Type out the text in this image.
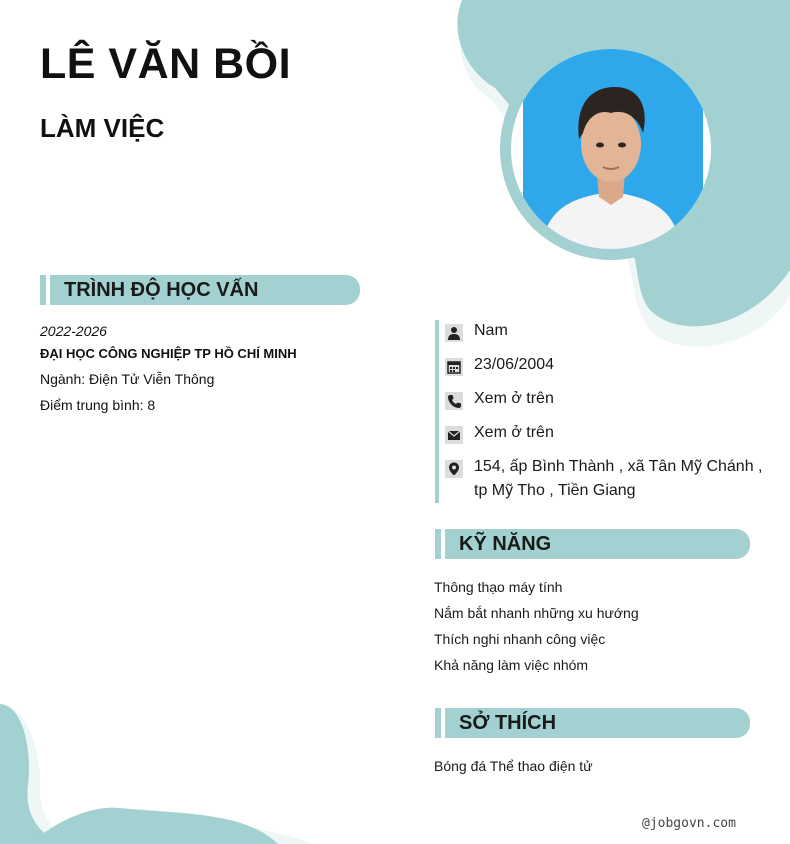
LÊ VĂN BỒI
LÀM VIỆC
TRÌNH ĐỘ HỌC VẤN
2022-2026
ĐẠI HỌC CÔNG NGHIỆP TP HỒ CHÍ MINH
Ngành: Điện Tử Viễn Thông
Điểm trung bình: 8
Nam
23/06/2004
Xem ở trên
Xem ở trên
154, ấp Bình Thành , xã Tân Mỹ Chánh ,
tp Mỹ Tho , Tiền Giang
KỸ NĂNG
Thông thạo máy tính
Nắm bắt nhanh những xu hướng
Thích nghi nhanh công việc
Khả năng làm việc nhóm
SỞ THÍCH
Bóng đá Thể thao điện tử
@jobgovn.com
